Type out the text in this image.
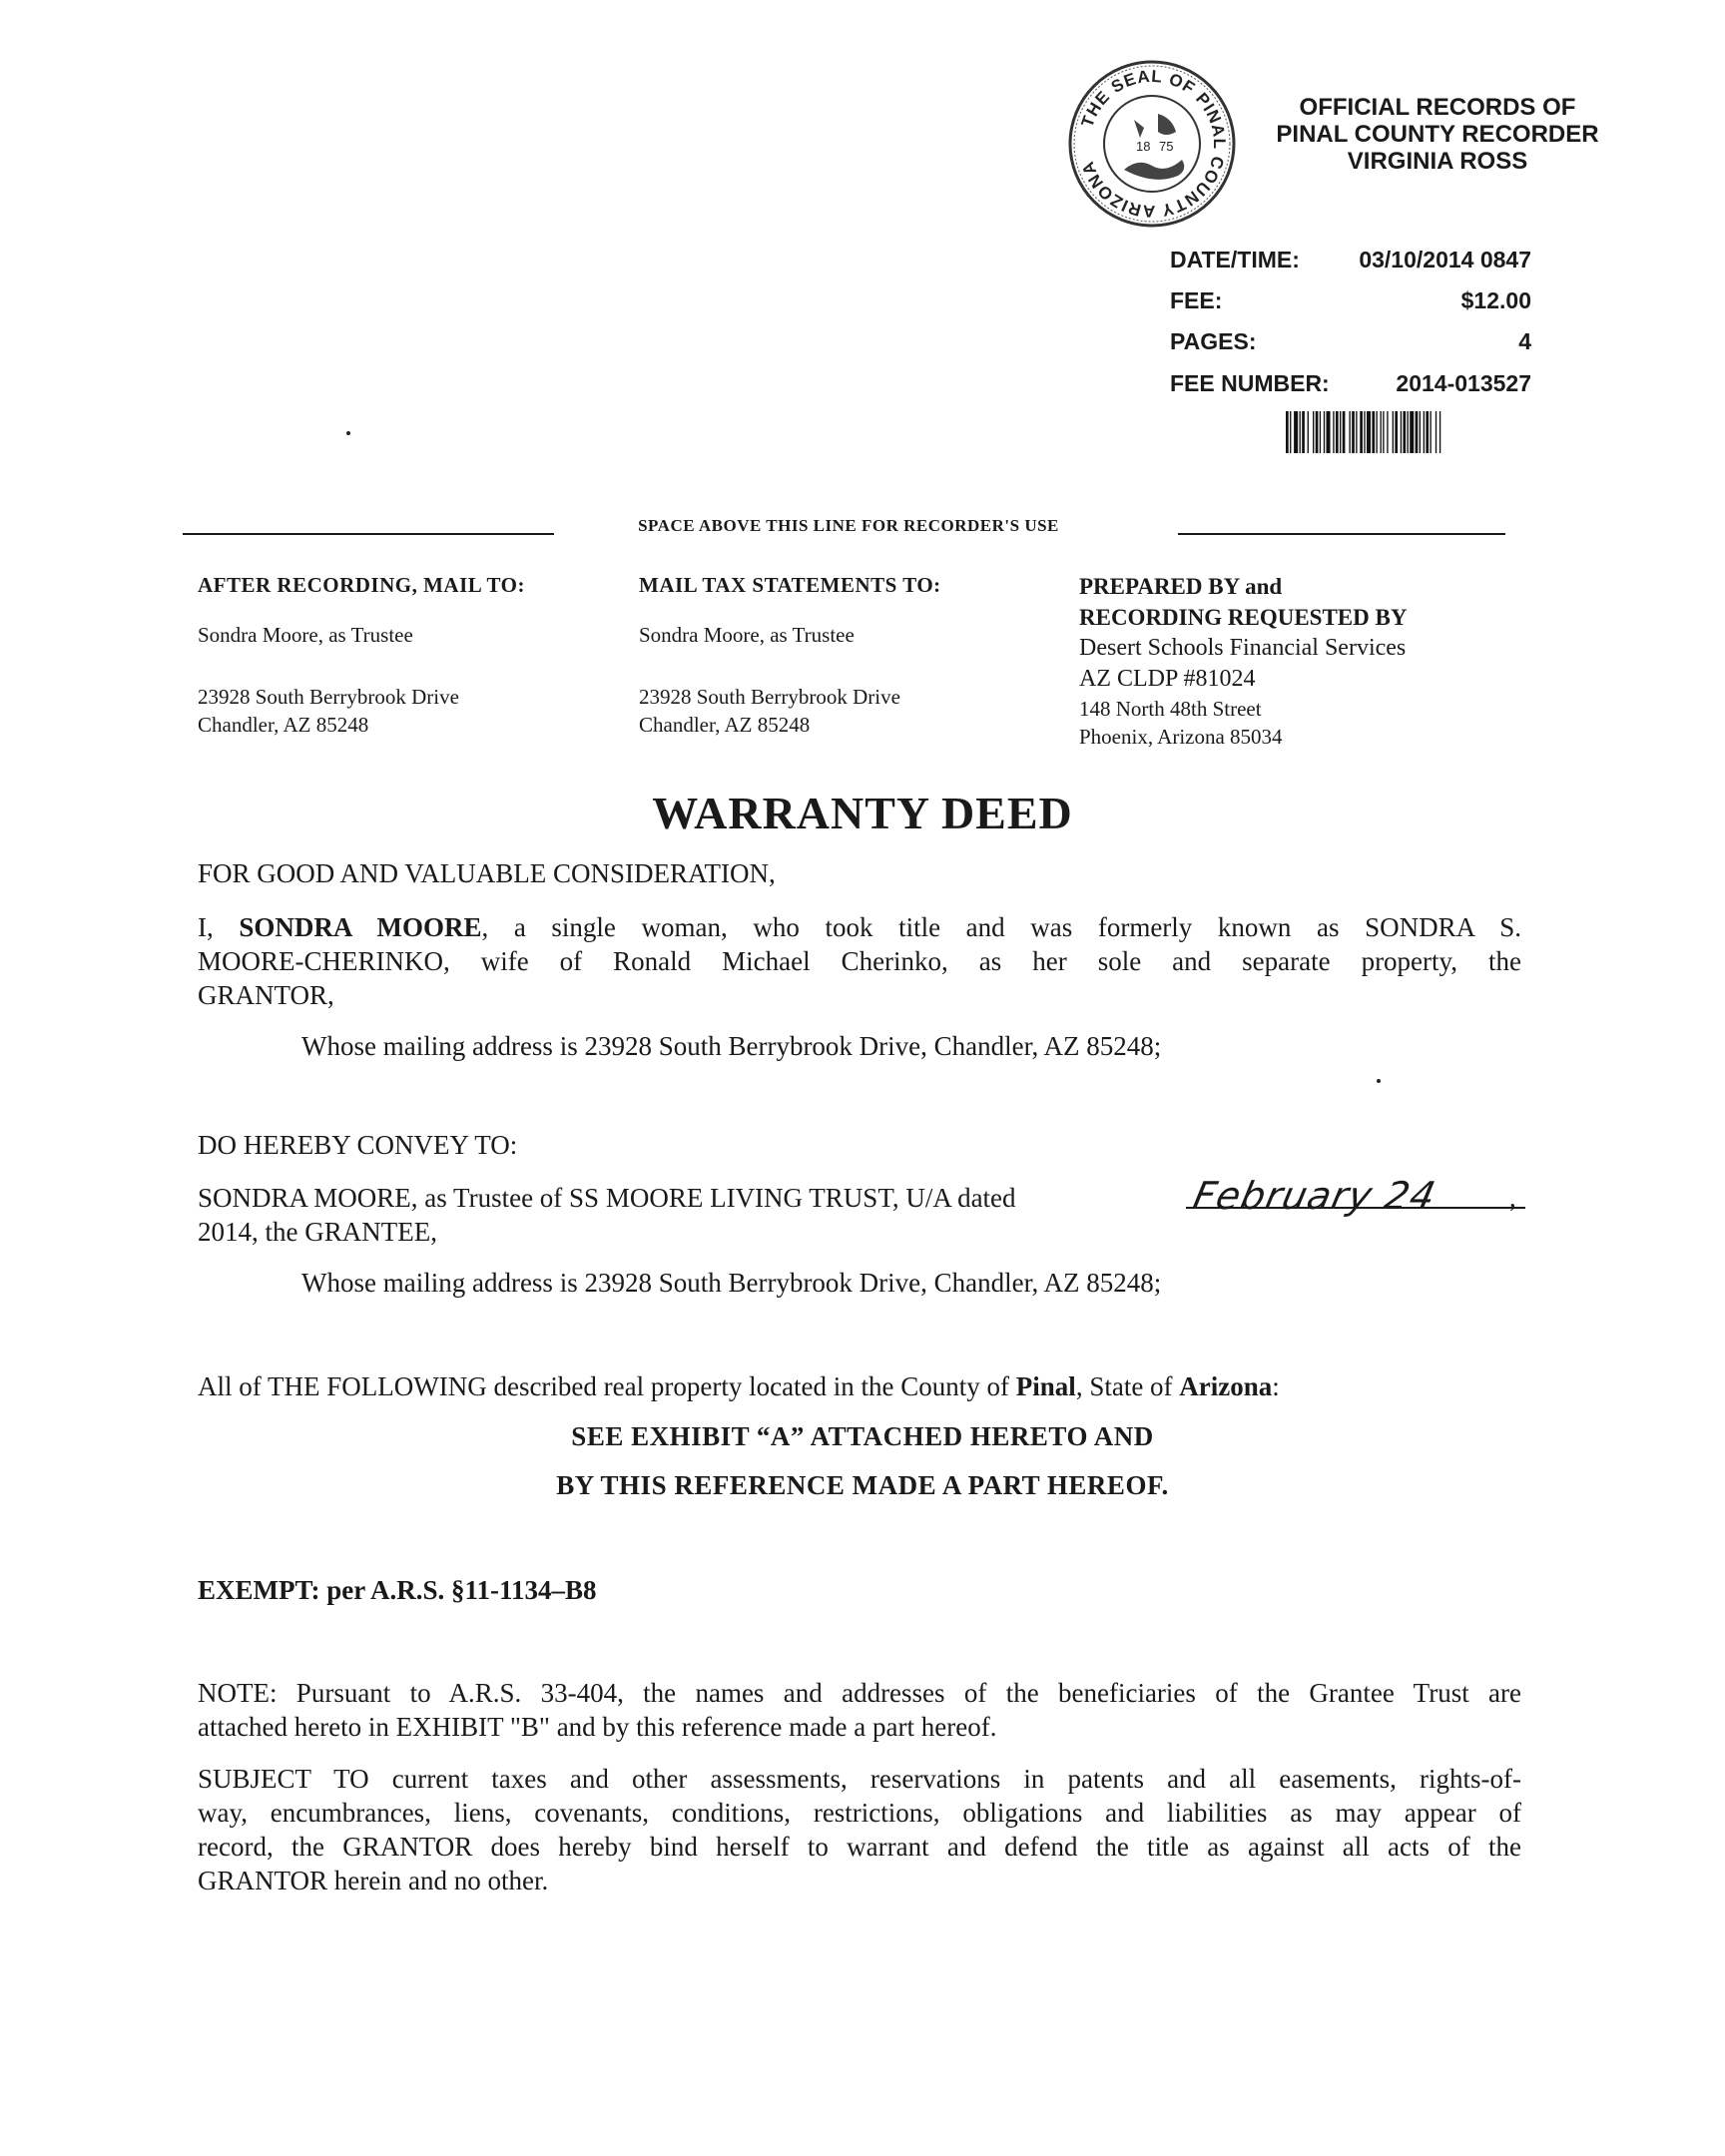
THE SEAL OF PINAL COUNTY ARIZONA
18 75
OFFICIAL RECORDS OF
PINAL COUNTY RECORDER
VIRGINIA ROSS
DATE/TIME:	03/10/2014 0847
FEE:	$12.00
PAGES:	4
FEE NUMBER:	2014-013527
SPACE ABOVE THIS LINE FOR RECORDER'S USE
AFTER RECORDING, MAIL TO:
Sondra Moore, as Trustee
23928 South Berrybrook Drive
Chandler, AZ 85248
MAIL TAX STATEMENTS TO:
Sondra Moore, as Trustee
23928 South Berrybrook Drive
Chandler, AZ 85248
PREPARED BY and
RECORDING REQUESTED BY
Desert Schools Financial Services
AZ CLDP #81024
148 North 48th Street
Phoenix, Arizona 85034
WARRANTY DEED
FOR GOOD AND VALUABLE CONSIDERATION,
I, SONDRA MOORE, a single woman, who took title and was formerly known as SONDRA S.
MOORE-CHERINKO, wife of Ronald Michael Cherinko, as her sole and separate property, the
GRANTOR,
Whose mailing address is 23928 South Berrybrook Drive, Chandler, AZ 85248;
DO HEREBY CONVEY TO:
SONDRA MOORE, as Trustee of SS MOORE LIVING TRUST, U/A dated	February 24	,
2014, the GRANTEE,
Whose mailing address is 23928 South Berrybrook Drive, Chandler, AZ 85248;
All of THE FOLLOWING described real property located in the County of Pinal, State of Arizona:
SEE EXHIBIT “A” ATTACHED HERETO AND
BY THIS REFERENCE MADE A PART HEREOF.
EXEMPT: per A.R.S. §11-1134–B8
NOTE: Pursuant to A.R.S. 33-404, the names and addresses of the beneficiaries of the Grantee Trust are
attached hereto in EXHIBIT "B" and by this reference made a part hereof.
SUBJECT TO current taxes and other assessments, reservations in patents and all easements, rights-of-
way, encumbrances, liens, covenants, conditions, restrictions, obligations and liabilities as may appear of
record, the GRANTOR does hereby bind herself to warrant and defend the title as against all acts of the
GRANTOR herein and no other.
